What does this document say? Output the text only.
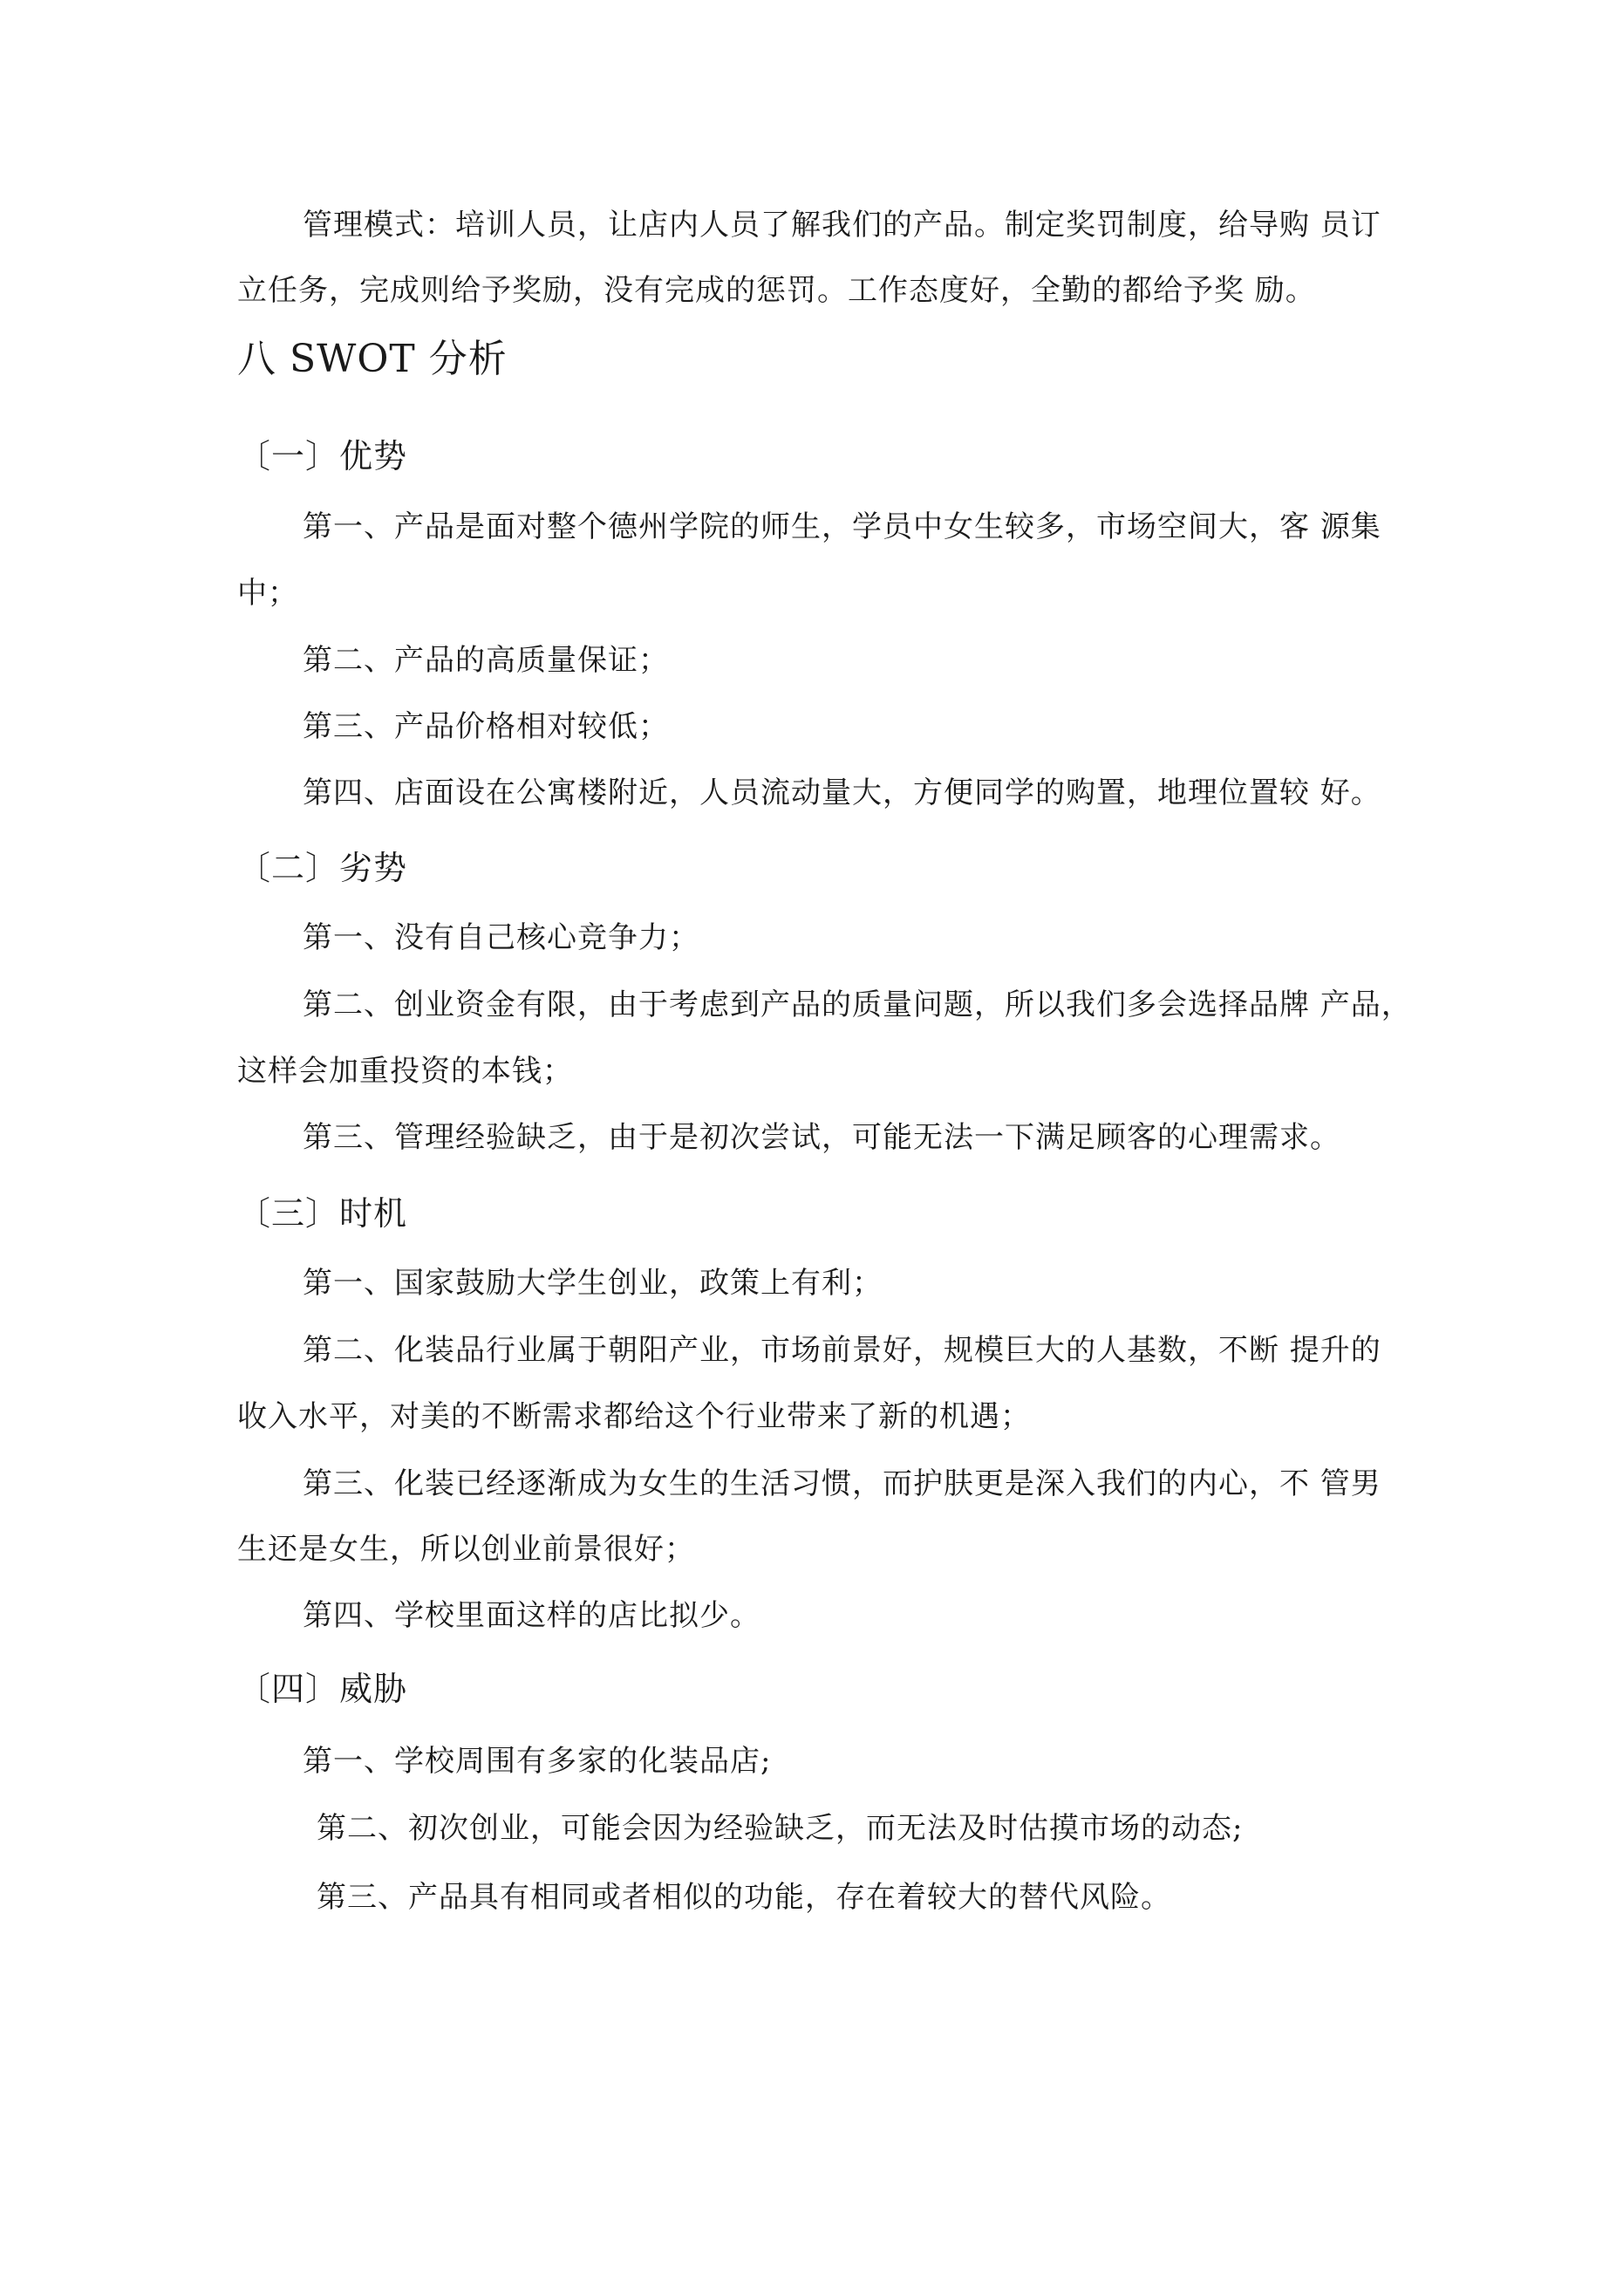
管理模式：培训人员，让店内人员了解我们的产品。制定奖罚制度，给导购 员订
立任务，完成则给予奖励，没有完成的惩罚。工作态度好，全勤的都给予奖 励。
八 SWOT 分析
〔一〕优势
第一、产品是面对整个德州学院的师生，学员中女生较多，市场空间大，客 源集
中；
第二、产品的高质量保证；
第三、产品价格相对较低；
第四、店面设在公寓楼附近，人员流动量大，方便同学的购置，地理位置较 好。
〔二〕劣势
第一、没有自己核心竞争力；
第二、创业资金有限，由于考虑到产品的质量问题，所以我们多会选择品牌 产品，
这样会加重投资的本钱；
第三、管理经验缺乏，由于是初次尝试，可能无法一下满足顾客的心理需求。
〔三〕时机
第一、国家鼓励大学生创业，政策上有利；
第二、化装品行业属于朝阳产业，市场前景好，规模巨大的人基数，不断 提升的
收入水平，对美的不断需求都给这个行业带来了新的机遇；
第三、化装已经逐渐成为女生的生活习惯，而护肤更是深入我们的内心，不 管男
生还是女生，所以创业前景很好；
第四、学校里面这样的店比拟少。
〔四〕威胁
第一、学校周围有多家的化装品店;
第二、初次创业，可能会因为经验缺乏，而无法及时估摸市场的动态;
第三、产品具有相同或者相似的功能，存在着较大的替代风险。
